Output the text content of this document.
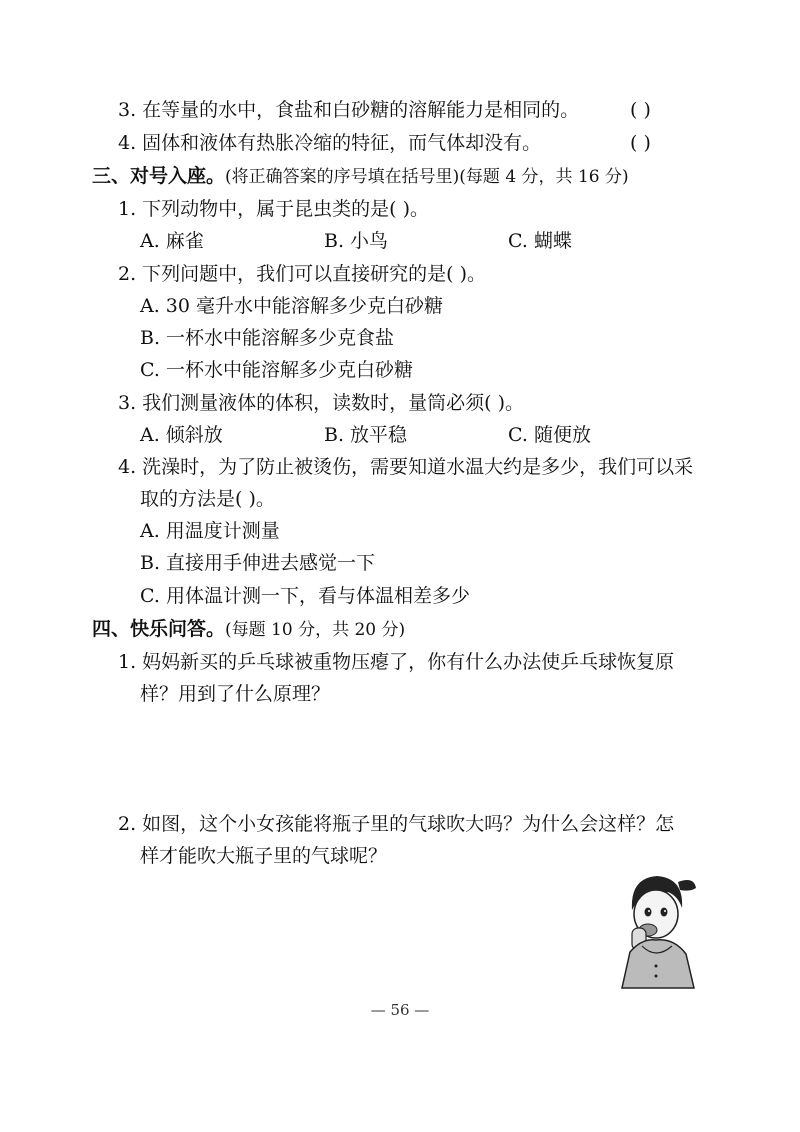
3. 在等量的水中，食盐和白砂糖的溶解能力是相同的。	( )
4. 固体和液体有热胀冷缩的特征，而气体却没有。	( )
三、对号入座。(将正确答案的序号填在括号里)(每题 4 分，共 16 分)
1. 下列动物中，属于昆虫类的是( )。
A. 麻雀	B. 小鸟	C. 蝴蝶
2. 下列问题中，我们可以直接研究的是( )。
A. 30 毫升水中能溶解多少克白砂糖
B. 一杯水中能溶解多少克食盐
C. 一杯水中能溶解多少克白砂糖
3. 我们测量液体的体积，读数时，量筒必须( )。
A. 倾斜放	B. 放平稳	C. 随便放
4. 洗澡时，为了防止被烫伤，需要知道水温大约是多少，我们可以采
取的方法是( )。
A. 用温度计测量
B. 直接用手伸进去感觉一下
C. 用体温计测一下，看与体温相差多少
四、快乐问答。(每题 10 分，共 20 分)
1. 妈妈新买的乒乓球被重物压瘪了，你有什么办法使乒乓球恢复原
样？用到了什么原理？
2. 如图，这个小女孩能将瓶子里的气球吹大吗？为什么会这样？怎
样才能吹大瓶子里的气球呢？
— 56 —
